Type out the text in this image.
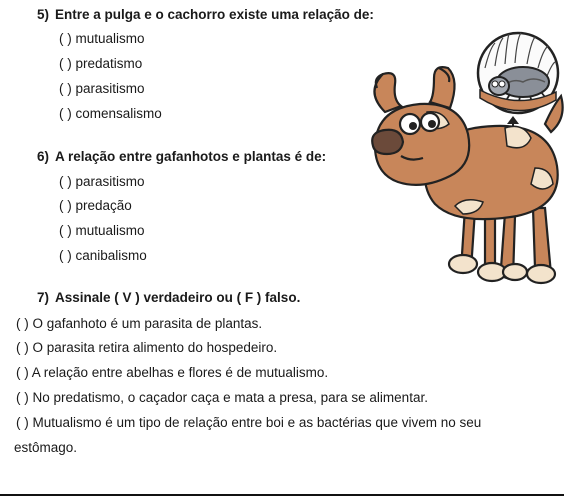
5) Entre a pulga e o cachorro existe uma relação de:
( ) mutualismo
( ) predatismo
( ) parasitismo
( ) comensalismo
6) A relação entre gafanhotos e plantas é de:
( ) parasitismo
( ) predação
( ) mutualismo
( ) canibalismo
7) Assinale ( V ) verdadeiro ou ( F ) falso.
( ) O gafanhoto é um parasita de plantas.
( ) O parasita retira alimento do hospedeiro.
( ) A relação entre abelhas e flores é de mutualismo.
( ) No predatismo, o caçador caça e mata a presa, para se alimentar.
( ) Mutualismo é um tipo de relação entre boi e as bactérias que vivem no seu
estômago.
